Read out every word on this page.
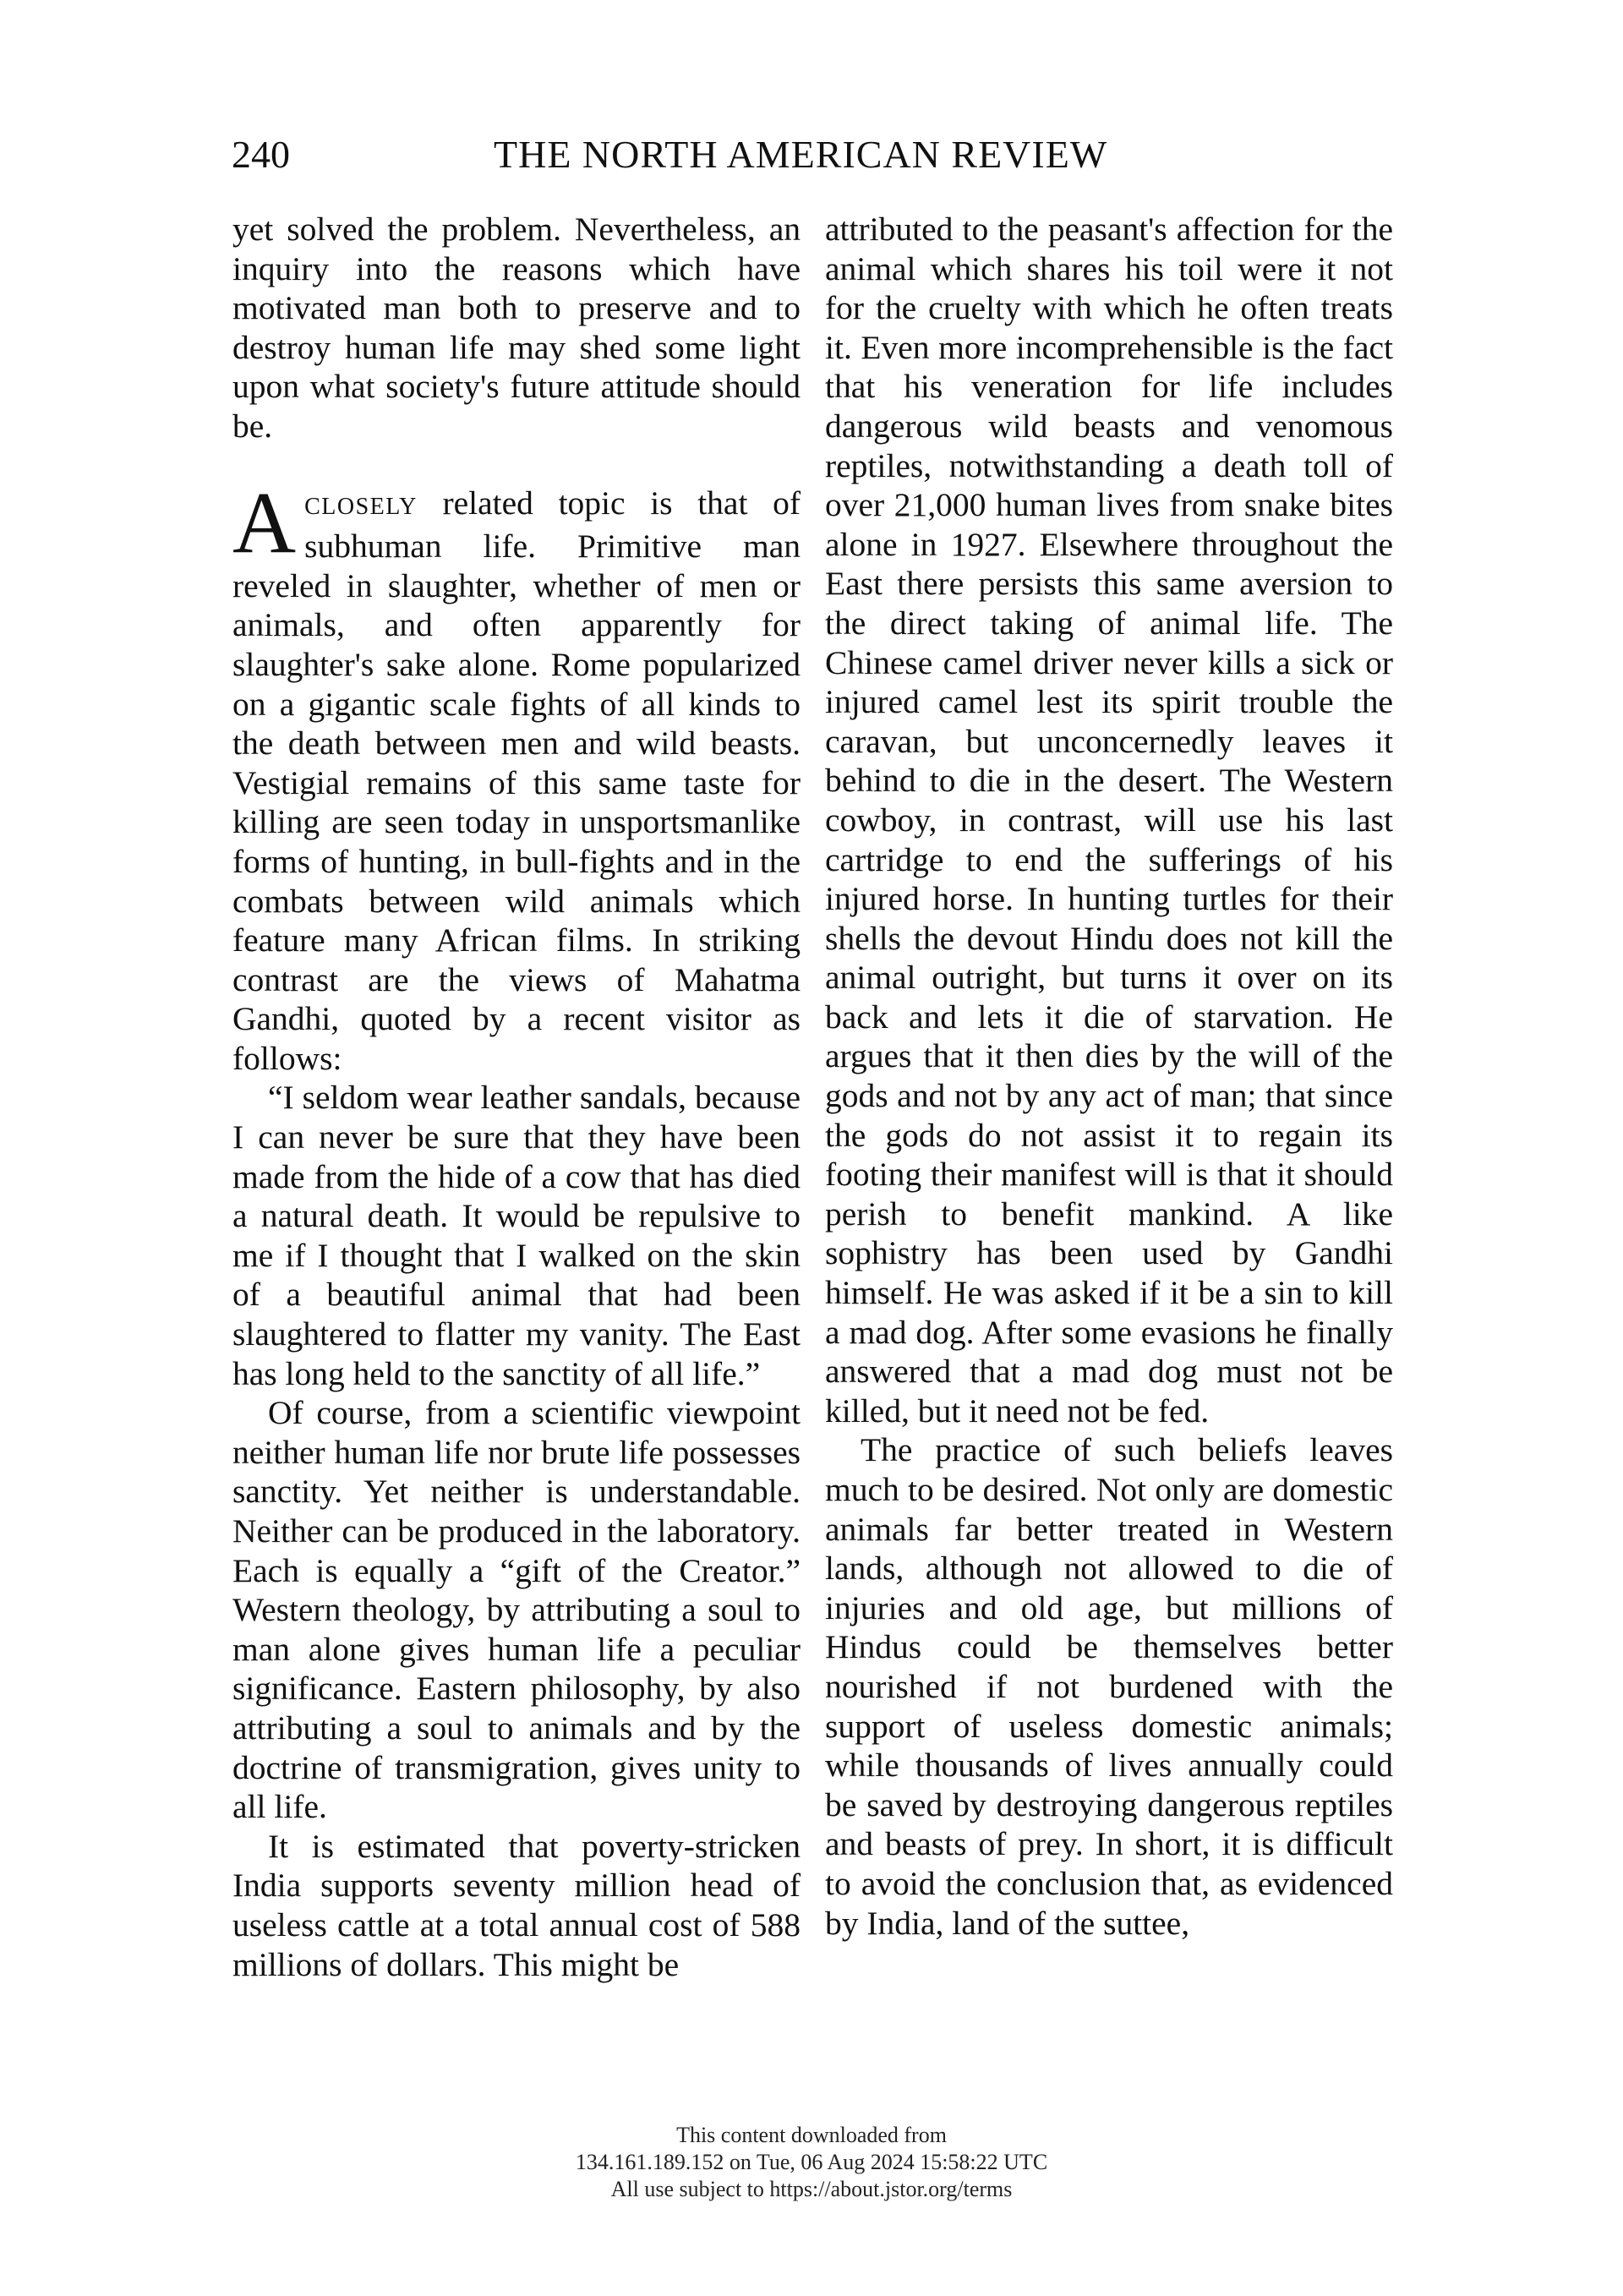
240	THE NORTH AMERICAN REVIEW

yet solved the problem. Nevertheless, an inquiry into the reasons which have motivated man both to preserve and to destroy human life may shed some light upon what society's future attitude should be.

ACLOSELY related topic is that of subhuman life. Primitive man reveled in slaughter, whether of men or animals, and often apparently for slaughter's sake alone. Rome popularized on a gigantic scale fights of all kinds to the death between men and wild beasts. Vestigial remains of this same taste for killing are seen today in unsportsmanlike forms of hunting, in bull-fights and in the combats between wild animals which feature many African films. In striking contrast are the views of Mahatma Gandhi, quoted by a recent visitor as follows:

“I seldom wear leather sandals, because I can never be sure that they have been made from the hide of a cow that has died a natural death. It would be repulsive to me if I thought that I walked on the skin of a beautiful animal that had been slaughtered to flatter my vanity. The East has long held to the sanctity of all life.”

Of course, from a scientific viewpoint neither human life nor brute life possesses sanctity. Yet neither is understandable. Neither can be produced in the laboratory. Each is equally a “gift of the Creator.” Western theology, by attributing a soul to man alone gives human life a peculiar significance. Eastern philosophy, by also attributing a soul to animals and by the doctrine of transmigration, gives unity to all life.

It is estimated that poverty-stricken India supports seventy million head of useless cattle at a total annual cost of 588 millions of dollars. This might be

attributed to the peasant's affection for the animal which shares his toil were it not for the cruelty with which he often treats it. Even more incomprehensible is the fact that his veneration for life includes dangerous wild beasts and venomous reptiles, notwithstanding a death toll of over 21,000 human lives from snake bites alone in 1927. Elsewhere throughout the East there persists this same aversion to the direct taking of animal life. The Chinese camel driver never kills a sick or injured camel lest its spirit trouble the caravan, but unconcernedly leaves it behind to die in the desert. The Western cowboy, in contrast, will use his last cartridge to end the sufferings of his injured horse. In hunting turtles for their shells the devout Hindu does not kill the animal outright, but turns it over on its back and lets it die of starvation. He argues that it then dies by the will of the gods and not by any act of man; that since the gods do not assist it to regain its footing their manifest will is that it should perish to benefit mankind. A like sophistry has been used by Gandhi himself. He was asked if it be a sin to kill a mad dog. After some evasions he finally answered that a mad dog must not be killed, but it need not be fed.

The practice of such beliefs leaves much to be desired. Not only are domestic animals far better treated in Western lands, although not allowed to die of injuries and old age, but millions of Hindus could be themselves better nourished if not burdened with the support of useless domestic animals; while thousands of lives annually could be saved by destroying dangerous reptiles and beasts of prey. In short, it is difficult to avoid the conclusion that, as evidenced by India, land of the suttee,

This content downloaded from
134.161.189.152 on Tue, 06 Aug 2024 15:58:22 UTC
All use subject to https://about.jstor.org/terms
